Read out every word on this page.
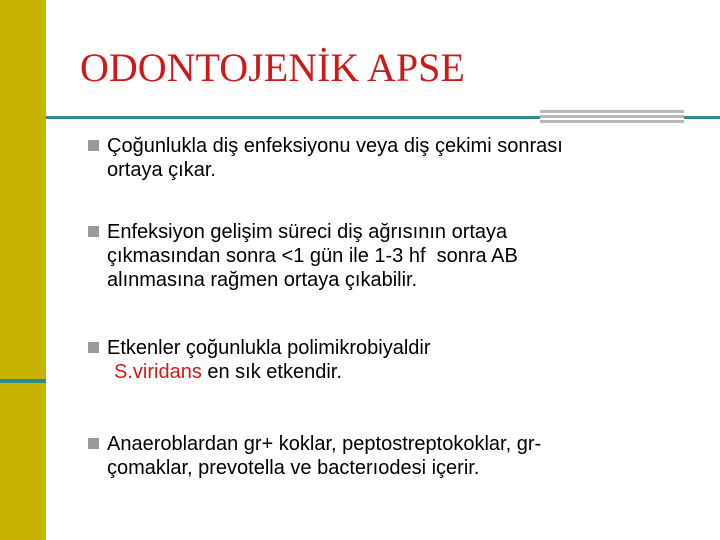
ODONTOJENİK APSE
Çoğunlukla diş enfeksiyonu veya diş çekimi sonrası
ortaya çıkar.
Enfeksiyon gelişim süreci diş ağrısının ortaya
çıkmasından sonra <1 gün ile 1-3 hf  sonra AB
alınmasına rağmen ortaya çıkabilir.
Etkenler çoğunlukla polimikrobiyaldir
S.viridans en sık etkendir.
Anaeroblardan gr+ koklar, peptostreptokoklar, gr-
çomaklar, prevotella ve bacterıodesi içerir.
